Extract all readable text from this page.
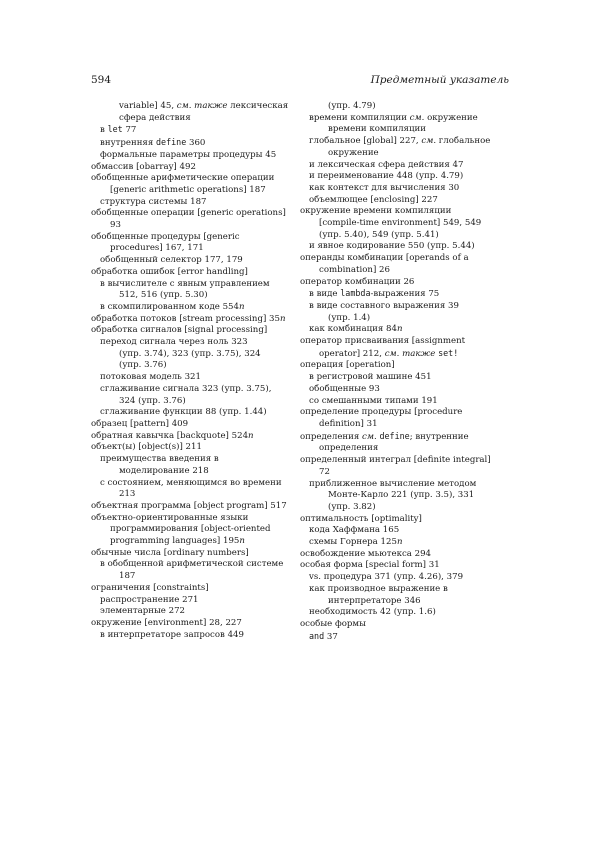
594	Предметный указатель
variable] 45, см. также лексическая
сфера действия
в let 77
внутренняя define 360
формальные параметры процедуры 45
обмассив [obarray] 492
обобщенные арифметические операции
[generic arithmetic operations] 187
структура системы 187
обобщенные операции [generic operations]
93
обобщенные процедуры [generic
procedures] 167, 171
обобщенный селектор 177, 179
обработка ошибок [error handling]
в вычислителе с явным управлением
512, 516 (упр. 5.30)
в скомпилированном коде 554п
обработка потоков [stream processing] 35п
обработка сигналов [signal processing]
переход сигнала через ноль 323
(упр. 3.74), 323 (упр. 3.75), 324
(упр. 3.76)
потоковая модель 321
сглаживание сигнала 323 (упр. 3.75),
324 (упр. 3.76)
сглаживание функции 88 (упр. 1.44)
образец [pattern] 409
обратная кавычка [backquote] 524п
объект(ы) [object(s)] 211
преимущества введения в
моделирование 218
с состоянием, меняющимся во времени
213
объектная программа [object program] 517
объектно-ориентированные языки
программирования [object-oriented
programming languages] 195п
обычные числа [ordinary numbers]
в обобщенной арифметической системе
187
ограничения [constraints]
распространение 271
элементарные 272
окружение [environment] 28, 227
в интерпретаторе запросов 449
(упр. 4.79)
времени компиляции см. окружение
времени компиляции
глобальное [global] 227, см. глобальное
окружение
и лексическая сфера действия 47
и переименование 448 (упр. 4.79)
как контекст для вычисления 30
объемлющее [enclosing] 227
окружение времени компиляции
[compile-time environment] 549, 549
(упр. 5.40), 549 (упр. 5.41)
и явное кодирование 550 (упр. 5.44)
операнды комбинации [operands of a
combination] 26
оператор комбинации 26
в виде lambda-выражения 75
в виде составного выражения 39
(упр. 1.4)
как комбинация 84п
оператор присваивания [assignment
operator] 212, см. также set!
операция [operation]
в регистровой машине 451
обобщенные 93
со смешанными типами 191
определение процедуры [procedure
definition] 31
определения см. define; внутренние
определения
определенный интеграл [definite integral]
72
приближенное вычисление методом
Монте-Карло 221 (упр. 3.5), 331
(упр. 3.82)
оптимальность [optimality]
кода Хаффмана 165
схемы Горнера 125п
освобождение мьютекса 294
особая форма [special form] 31
vs. процедура 371 (упр. 4.26), 379
как производное выражение в
интерпретаторе 346
необходимость 42 (упр. 1.6)
особые формы
and 37
